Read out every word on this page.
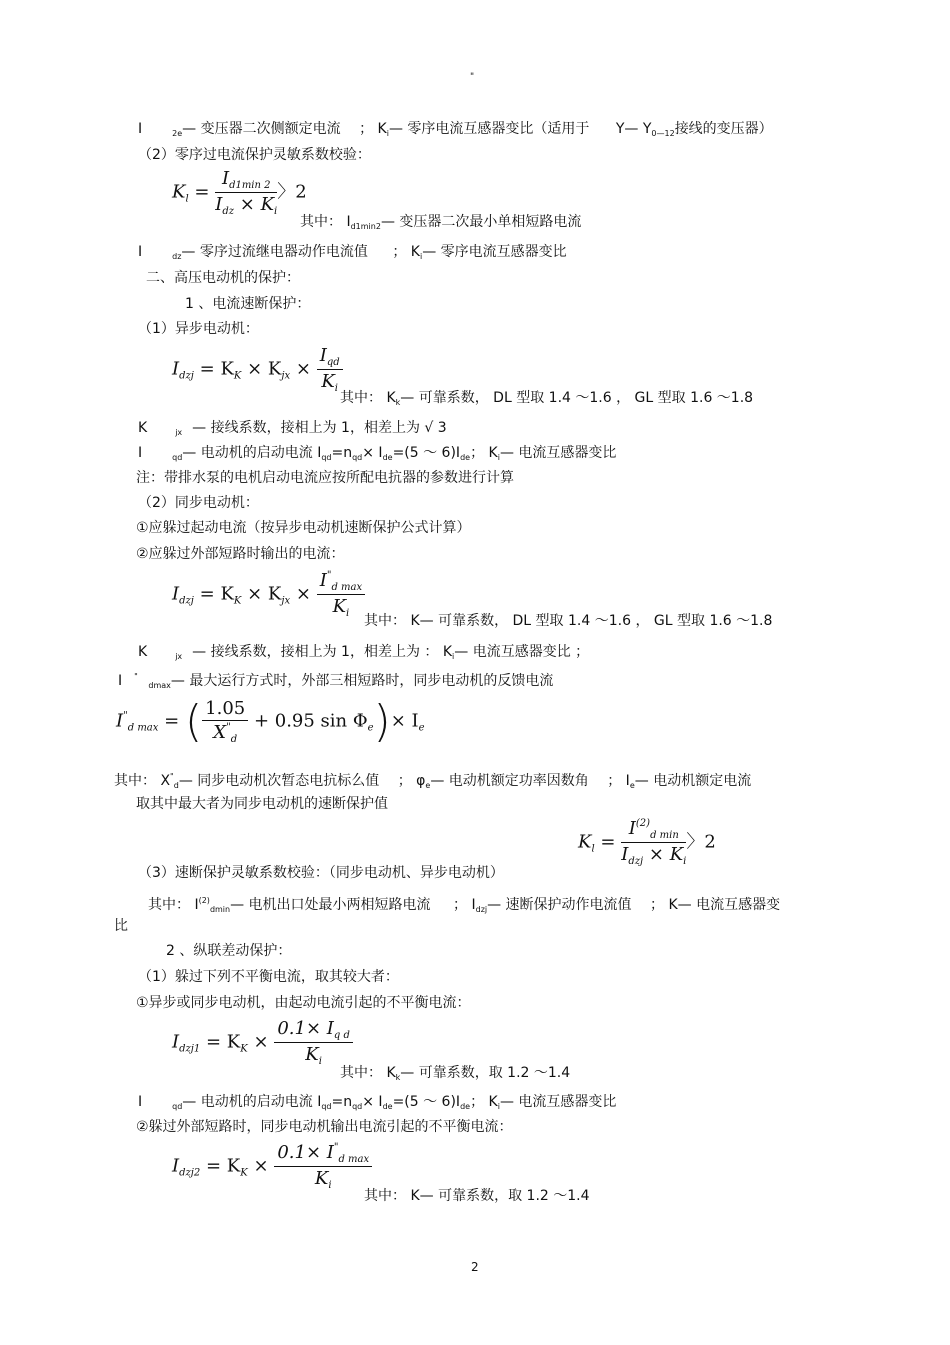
"
I	$_{2e}$— 变压器二次侧额定电流 ； $K_i—$ 零序电流互感器变比（适用于 Y— $Y_{0—12}$接线的变压器）
（2）零序过电流保护灵敏系数校验：
$K_l = \frac{I_{d1min 2}}{I_{dz} \times K_i}$ 〉2
其中： $I_{d1min2}—$ 变压器二次最小单相短路电流
I	$_{dz}$— 零序过流继电器动作电流值 ； $K_i—$ 零序电流互感器变比
二、高压电动机的保护：
1 、电流速断保护：
（1）异步电动机：
$I_{dzj} = K_K \times K_{jx} \times \frac{I_{qd}}{K_i}$
其中： $K_k—$ 可靠系数， DL 型取 1.4 ～1.6 ， GL 型取 1.6 ～1.8
K	$_{jx}$ — 接线系数，接相上为 1，相差上为 √ 3
I	$_{qd}$— 电动机的启动电流 $I_{qd}=n_{qd}\times I_{de}=(5$ ～ $6)I_{de}$； $K_i—$ 电流互感器变比
注：带排水泵的电机启动电流应按所配电抗器的参数进行计算
（2）同步电动机：
①应躲过起动电流（按异步电动机速断保护公式计算）
②应躲过外部短路时输出的电流：
$I_{dzj} = K_K \times K_{jx} \times \frac{I^"_{d max}}{K_i}$
其中： K— 可靠系数， DL 型取 1.4 ～1.6 ， GL 型取 1.6 ～1.8
K	$_{jx}$ — 接线系数，接相上为 1，相差上为 ： $K_i—$ 电流互感器变比 ；
I " $_{dmax}$— 最大运行方式时，外部三相短路时，同步电动机的反馈电流
$I^"_{d max}$ = ( $\frac{1.05}{X^"_d} + 0.95$ $\sin \Phi_e)\times I_e$
其中： $X^"_d—$ 同步电动机次暂态电抗标么值 ； $\varphi_e—$ 电动机额定功率因数角 ； $I_e—$ 电动机额定电流
取其中最大者为同步电动机的速断保护值
$K_l = \frac{I^{(2)}_{d min}}{I_{dzj} \times K_i}$ 〉2
（3）速断保护灵敏系数校验：（同步电动机、异步电动机）
其中： $I^{(2)}_{dmin}—$ 电机出口处最小两相短路电流 ； $I_{dzj}—$ 速断保护动作电流值 ； K— 电流互感器变
比
2 、纵联差动保护：
（1）躲过下列不平衡电流，取其较大者：
①异步或同步电动机，由起动电流引起的不平衡电流：
$I_{dzj1} = K_K \times \frac{0.1\times I_{q d}}{K_i}$
其中： $K_k—$ 可靠系数，取 1.2 ～1.4
I	$_{qd}$— 电动机的启动电流 $I_{qd}=n_{qd}\times I_{de}=(5$ ～ $6)I_{de}$； $K_i—$ 电流互感器变比
②躲过外部短路时，同步电动机输出电流引起的不平衡电流：
$I_{dzj2} = K_K \times \frac{0.1\times I^"_{d max}}{K_i}$
其中： K— 可靠系数，取 1.2 ～1.4
2
